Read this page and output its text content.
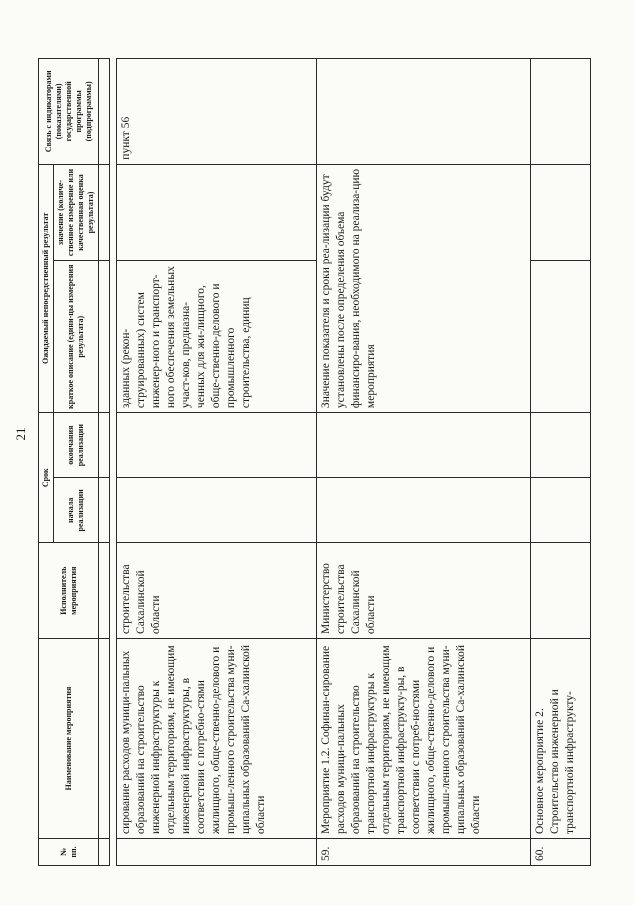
21
№ пп.	Наименование мероприятия	Исполнитель мероприятия	Срок		Ожидаемый непосредственный результат		Связь с индикаторами (показателями) государственной программы (подпрограммы)
			начала реализации	окончания реализации	краткое описание (едини-цы измерения результата)	значение (количе-ственное измерение или качественная оценка результата)	

	сирование расходов муници-пальных образований на строительство инженерной инфраструктуры к отдельным территориям, не имеющим инженерной инфраструктуры, в соответствии с потребно-стями жилищного, обще-ственно-делового и промыш-ленного строительства муни-ципальных образований Са-халинской области	строительства Сахалинской области			зданных (рекон-струированных) систем инженер-ного и транспорт-ного обеспечения земельных участ-ков, предназна-ченных для жи-лищного, обще-ственно-делового и промышленного строительства, единиц		пункт 56
59.	Мероприятие 1.2. Софинан-сирование расходов муници-пальных образований на строительство транспортной инфраструктуры к отдельным территориям, не имеющим транспортной инфраструкту-ры, в соответствии с потреб-ностями жилищного, обще-ственно-делового и промыш-ленного строительства муни-ципальных образований Са-халинской области	Министерство строительства Сахалинской области			Значение показателя и сроки реа-лизации будут установлены после определения объема финансиро-вания, необходимого на реализа-цию мероприятия		
60.	Основное мероприятие 2. Строительство инженерной и транспортной инфраструкту-						
